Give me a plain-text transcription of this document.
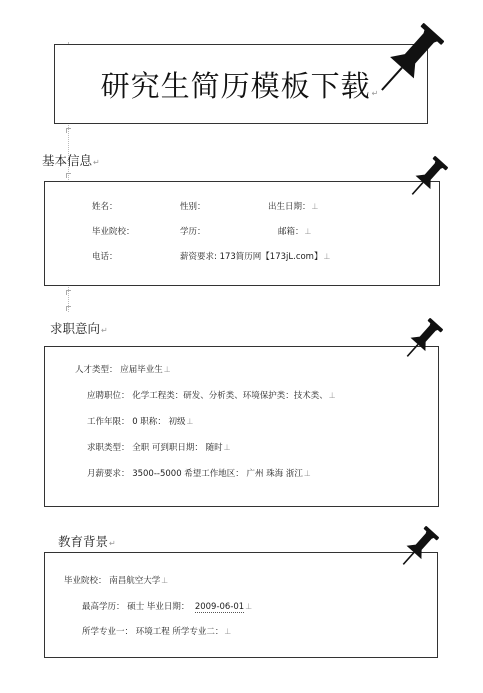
研究生简历模板下载↵
基本信息↵
姓名：	性别：	出生日期：⊥
毕业院校：	学历：	邮箱：⊥
电话：	薪资要求: 173简历网【173jL.com】⊥
求职意向↵
人才类型： 应届毕业生⊥
应聘职位： 化学工程类：研发、分析类、环境保护类：技术类、⊥
工作年限： 0 职称： 初级⊥
求职类型： 全职 可到职日期： 随时⊥
月薪要求： 3500--5000 希望工作地区： 广州 珠海 浙江⊥
教育背景↵
毕业院校： 南昌航空大学⊥
最高学历： 硕士 毕业日期： 2009-06-01⊥
所学专业一： 环境工程 所学专业二：⊥
